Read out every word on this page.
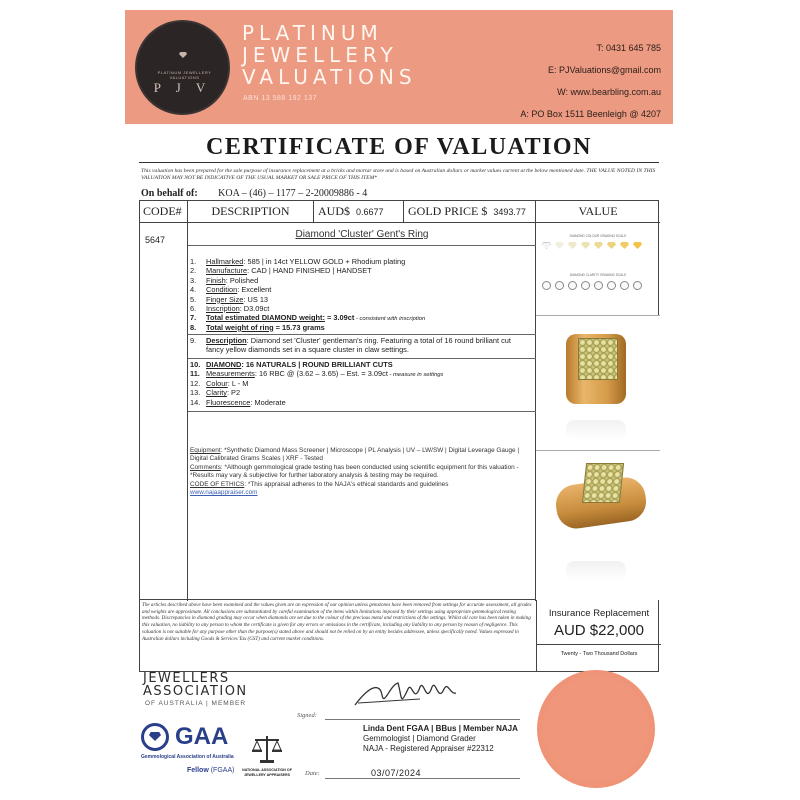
PLATINUM JEWELLERY VALUATIONS
P J V
PLATINUM
JEWELLERY
VALUATIONS
ABN 13 588 192 137
T: 0431 645 785
E: PJValuations@gmail.com
W: www.bearbling.com.au
A: PO Box 1511 Beenleigh @ 4207
CERTIFICATE OF VALUATION
This valuation has been prepared for the sale purpose of insurance replacement at a bricks and mortar store and is based on Australian dollars or market values current at the below mentioned date. THE VALUE NOTED IN THIS VALUATION MAY NOT BE INDICATIVE OF THE USUAL MARKET OR SALE PRICE OF THIS ITEM*
On behalf of: KOA – (46) – 1177 – 2-20009886 - 4
CODE#	DESCRIPTION	AUD$ 0.6677 GOLD PRICE $ 3493.77	VALUE
5647	Diamond 'Cluster' Gent's Ring
1.	Hallmarked: 585 | in 14ct YELLOW GOLD + Rhodium plating
2.	Manufacture: CAD | HAND FINISHED | HANDSET
3.	Finish: Polished
4.	Condition: Excellent
5.	Finger Size: US 13
6.	Inscription: D3.09ct
7.	Total estimated DIAMOND weight: = 3.09ct - consistent with inscription
8.	Total weight of ring = 15.73 grams
9.	Description: Diamond set 'Cluster' gentleman's ring. Featuring a total of 16 round brilliant cut fancy yellow diamonds set in a square cluster in claw settings.
10. DIAMOND: 16 NATURALS | ROUND BRILLIANT CUTS
11. Measurements: 16 RBC @ (3.62 – 3.65) – Est. = 3.09ct - measure in settings
12. Colour: L - M
13. Clarity: P2
14. Fluorescence: Moderate
Equipment: *Synthetic Diamond Mass Screener | Microscope | PL Analysis | UV – LW/SW | Digital Leverage Gauge | Digital Calibrated Grams Scales | XRF - Tested
Comments: *Although gemmological grade testing has been conducted using scientific equipment for this valuation - *Results may vary & subjective for further laboratory analysis & testing may be required.
CODE OF ETHICS: *This appraisal adheres to the NAJA's ethical standards and guidelines
www.najaappraiser.com
DIAMOND COLOUR GRADING SCALE
DIAMOND CLARITY GRADING SCALE
The articles described above have been examined and the values given are an expression of our opinion unless gemstones have been removed from settings for accurate assessment, all grades and weights are approximate. All conclusions are substantiated by careful examination of the items within limitations imposed by their settings using appropriate gemmological testing methods. Discrepancies in diamond grading may occur when diamonds are set due to the colour of the precious metal and restrictions of the settings. Whilst all care has been taken in making this valuation, no liability to any person to whom the certificate is given for any errors or omissions in the certificate, including any liability to any person by reason of negligence. This valuation is not suitable for any purpose other than the purpose(s) stated above and should not be relied on by an entity besides addressee, unless specifically noted. Values expressed in Australian dollars including Goods & Services Tax (GST) and current market conditions.
Insurance Replacement
AUD $22,000
Twenty - Two Thousand Dollars
JEWELLERS
ASSOCIATION
OF AUSTRALIA | MEMBER
GAA
Gemmological Association of Australia
Fellow (FGAA)	NATIONAL ASSOCIATION OF JEWELLERY APPRAISERS
Signed:
Linda Dent FGAA | BBus | Member NAJA
Gemmologist | Diamond Grader
NAJA - Registered Appraiser #22312
Date:	03/07/2024
